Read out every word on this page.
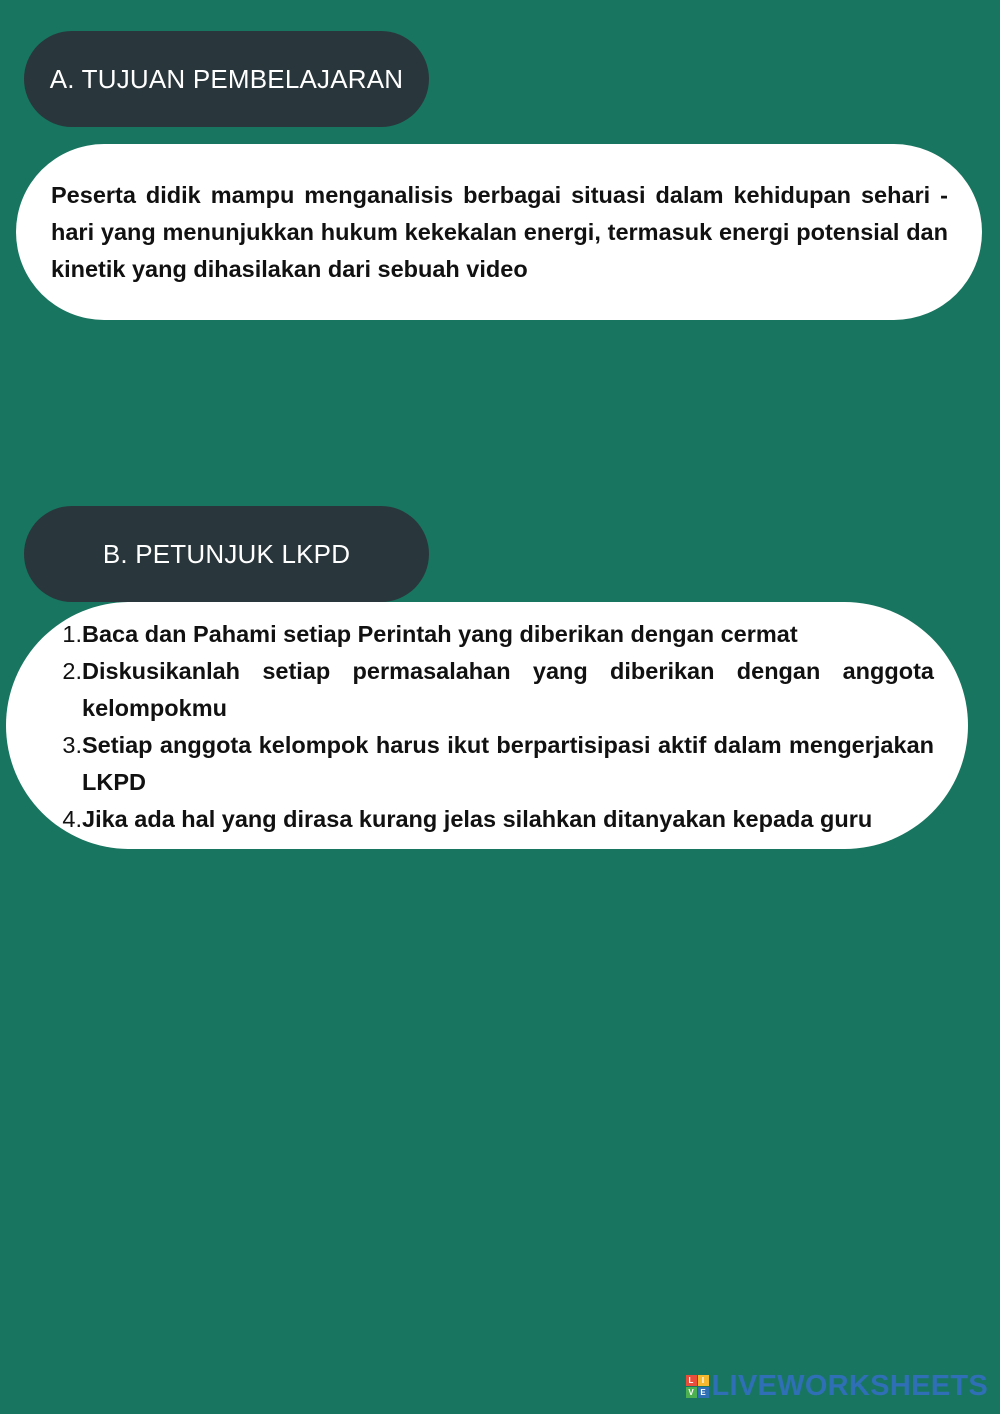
A. TUJUAN PEMBELAJARAN
Peserta didik mampu menganalisis berbagai situasi dalam kehidupan sehari - hari yang menunjukkan hukum kekekalan energi, termasuk energi potensial dan kinetik yang dihasilakan dari sebuah video
B. PETUNJUK LKPD
1. Baca dan Pahami setiap Perintah yang diberikan dengan cermat
2. Diskusikanlah setiap permasalahan yang diberikan dengan anggota kelompokmu
3. Setiap anggota kelompok harus ikut berpartisipasi aktif dalam mengerjakan LKPD
4. Jika ada hal yang dirasa kurang jelas silahkan ditanyakan kepada guru
L	I
V E LIVEWORKSHEETS
